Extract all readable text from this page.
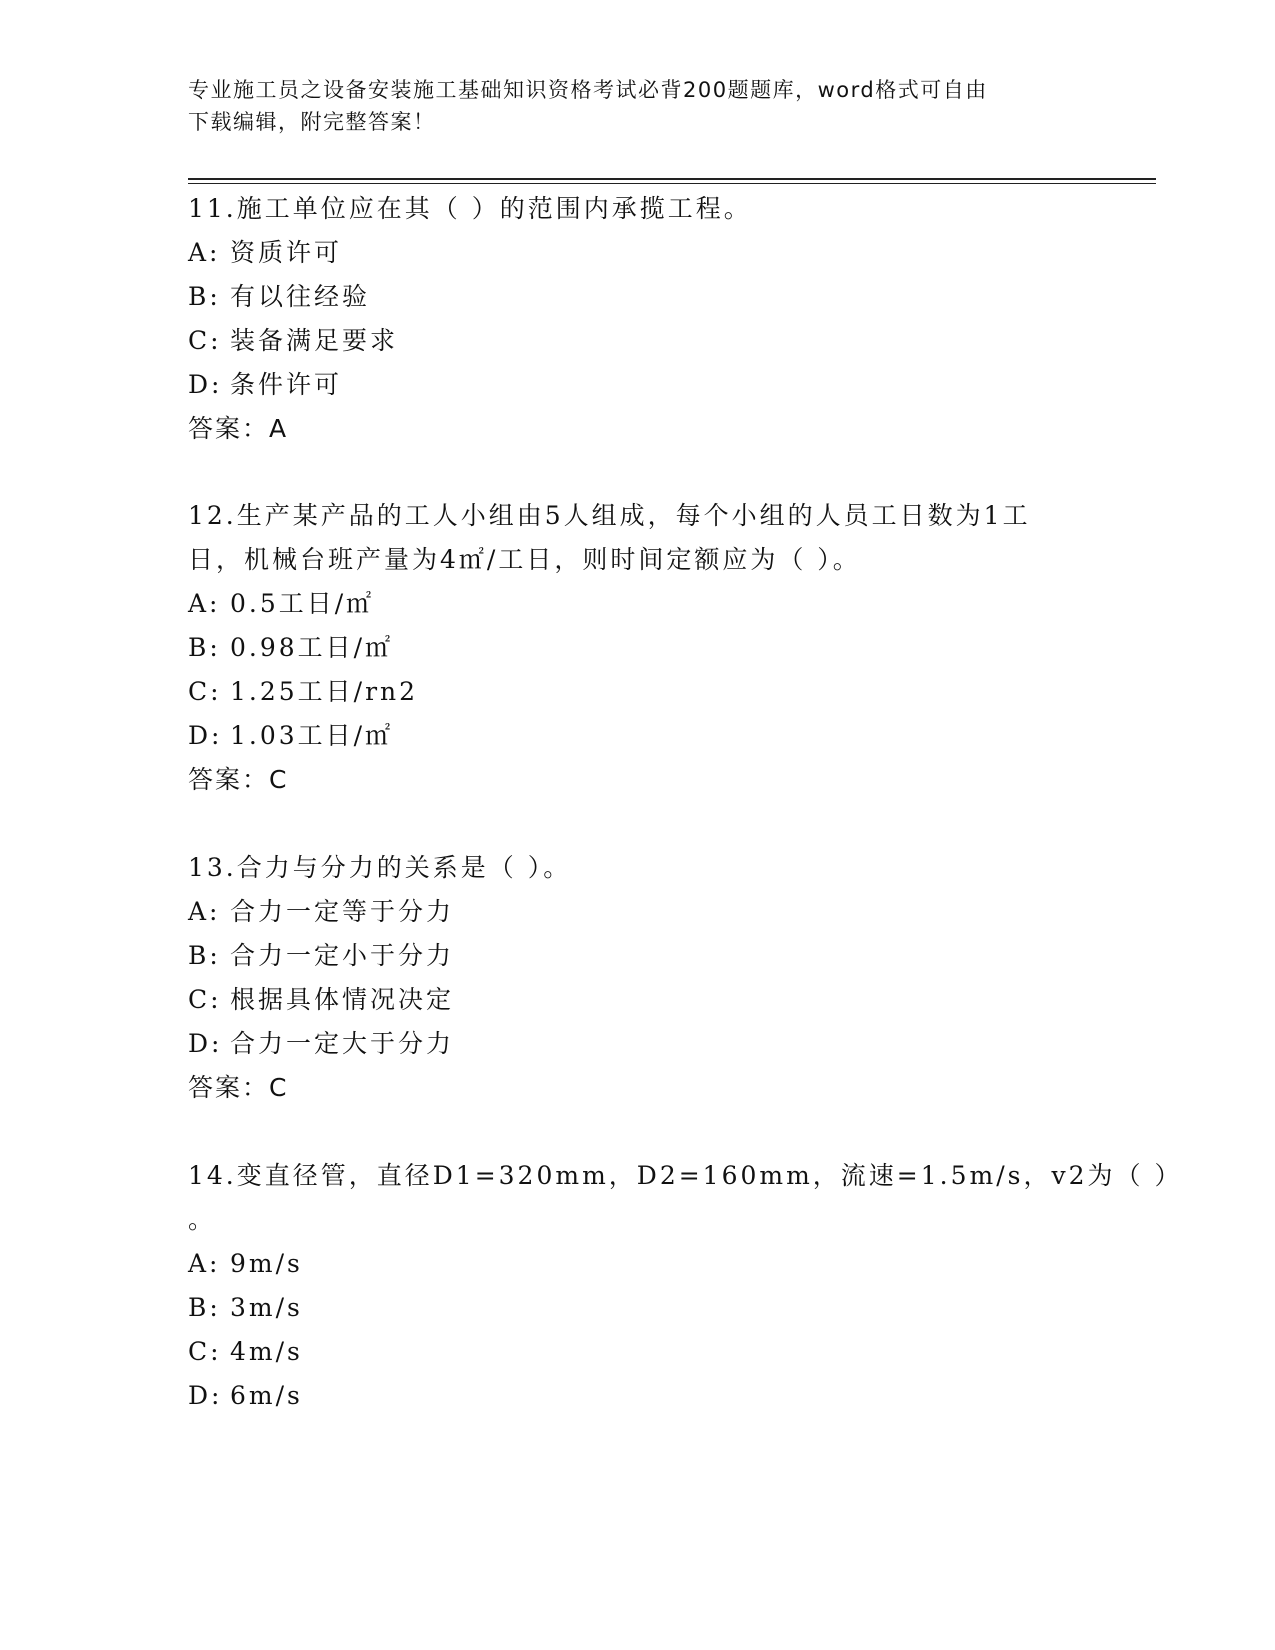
专业施工员之设备安装施工基础知识资格考试必背200题题库，word格式可自由
下载编辑，附完整答案！
11.施工单位应在其（ ）的范围内承揽工程。
A: 资质许可
B: 有以往经验
C: 装备满足要求
D: 条件许可
答案：A
12.生产某产品的工人小组由5人组成，每个小组的人员工日数为1工
日，机械台班产量为4㎡/工日，则时间定额应为（ ）。
A: 0.5工日/㎡
B: 0.98工日/㎡
C: 1.25工日/rn2
D: 1.03工日/㎡
答案：C
13.合力与分力的关系是（ ）。
A: 合力一定等于分力
B: 合力一定小于分力
C: 根据具体情况决定
D: 合力一定大于分力
答案：C
14.变直径管，直径D1=320mm，D2=160mm，流速=1.5m/s，v2为（ ）
。
A: 9m/s
B: 3m/s
C: 4m/s
D: 6m/s
